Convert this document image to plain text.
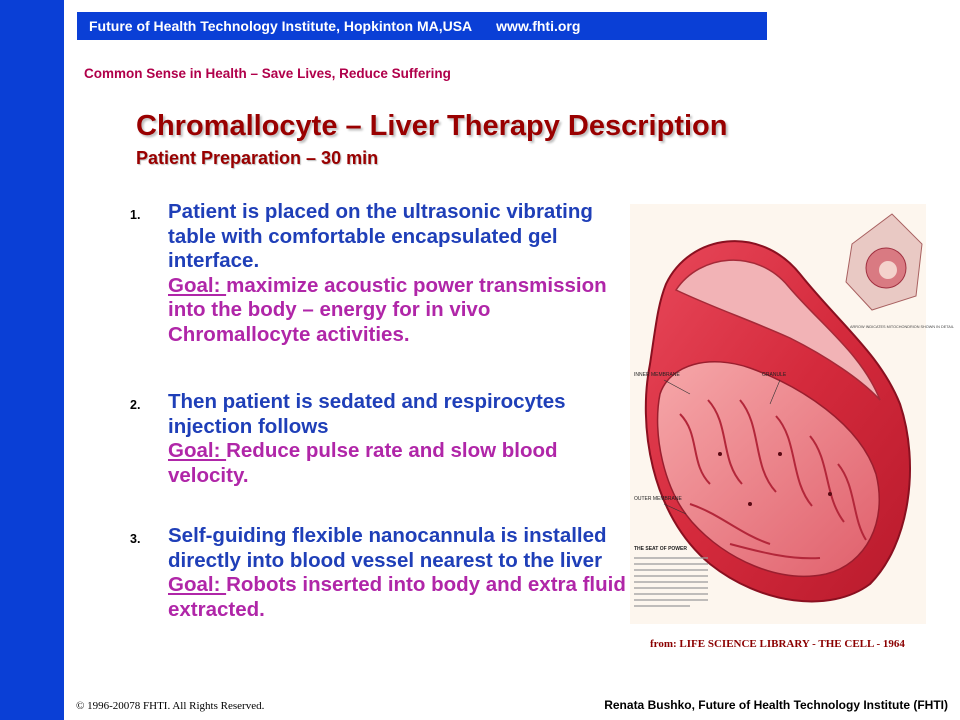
Future of Health Technology Institute, Hopkinton MA,USA www.fhti.org
Common Sense in Health – Save Lives, Reduce Suffering
Chromallocyte – Liver Therapy Description
Patient Preparation – 30 min
1. Patient is placed on the ultrasonic vibrating table with comfortable encapsulated gel interface.
Goal: maximize acoustic power transmission into the body – energy for in vivo Chromallocyte activities.
2. Then patient is sedated and respirocytes injection follows
Goal: Reduce pulse rate and slow blood velocity.
3. Self-guiding flexible nanocannula is installed directly into blood vessel nearest to the liver
Goal: Robots inserted into body and extra fluid extracted.
INNER MEMBRANE	GRANULE
OUTER MEMBRANE
ARROW INDICATES MITOCHONDRION SHOWN IN DETAIL
THE SEAT OF POWER
from: LIFE SCIENCE LIBRARY - THE CELL - 1964
© 1996-20078 FHTI. All Rights Reserved.	Renata Bushko, Future of Health Technology Institute (FHTI)
